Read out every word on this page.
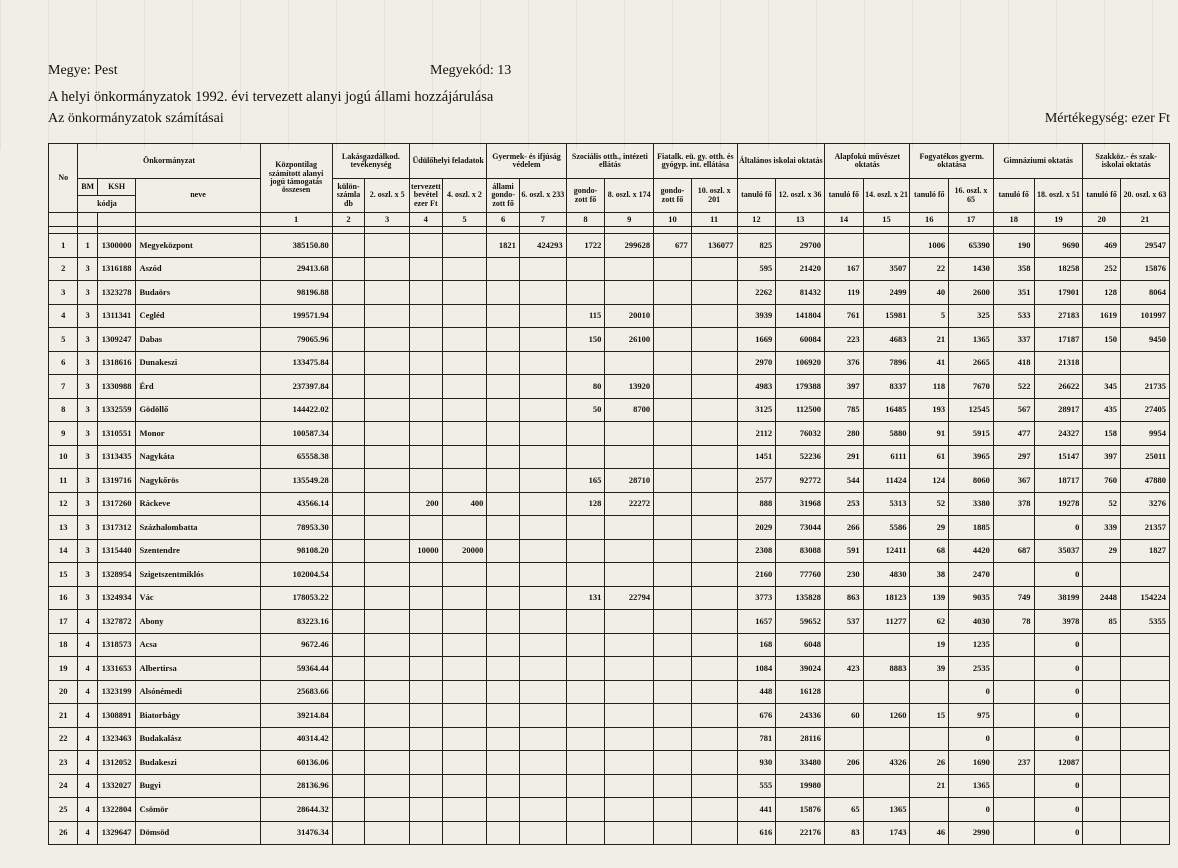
Megye: Pest	Megyekód: 13
A helyi önkormányzatok 1992. évi tervezett alanyi jogú állami hozzájárulása
Az önkormányzatok számításai	Mértékegység: ezer Ft
No	Önkormányzat			Központilag számított alanyi jogú támogatás összesen	Lakásgazdálkod. tevékenység		Üdülőhelyi feladatok		Gyermek- és ifjúság védelem		Szociális otth., intézeti ellátás		Fiatalk. eü. gy. otth. és gyógyp. int. ellátása		Általános iskolai oktatás		Alapfokú művészet oktatás		Fogyatékos gyerm. oktatása		Gimnáziumi oktatás		Szakköz.- és szak-iskolai oktatás	
	BM	KSH	neve		külön-számla db	2. oszl. x 5	tervezett bevétel ezer Ft	4. oszl. x 2	állami gondo-zott fő	6. oszl. x 233	gondo-zott fő	8. oszl. x 174	gondo-zott fő	10. oszl. x 201	tanuló fő	12. oszl. x 36	tanuló fő	14. oszl. x 21	tanuló fő	16. oszl. x 65	tanuló fő	18. oszl. x 51	tanuló fő	20. oszl. x 63
	kódja																							
				1	2	3	4	5	6	7	8	9	10	11	12	13	14	15	16	17	18	19	20	21

1	1	1300000	Megyeközpont	385150.80					1821	424293	1722	299628	677	136077	825	29700			1006	65390	190	9690	469	29547
2	3	1316188	Aszód	29413.68											595	21420	167	3507	22	1430	358	18258	252	15876
3	3	1323278	Budaörs	98196.88											2262	81432	119	2499	40	2600	351	17901	128	8064
4	3	1311341	Cegléd	199571.94							115	20010			3939	141804	761	15981	5	325	533	27183	1619	101997
5	3	1309247	Dabas	79065.96							150	26100			1669	60084	223	4683	21	1365	337	17187	150	9450
6	3	1318616	Dunakeszi	133475.84											2970	106920	376	7896	41	2665	418	21318		
7	3	1330988	Érd	237397.84							80	13920			4983	179388	397	8337	118	7670	522	26622	345	21735
8	3	1332559	Gödöllő	144422.02							50	8700			3125	112500	785	16485	193	12545	567	28917	435	27405
9	3	1310551	Monor	100587.34											2112	76032	280	5880	91	5915	477	24327	158	9954
10	3	1313435	Nagykáta	65558.38											1451	52236	291	6111	61	3965	297	15147	397	25011
11	3	1319716	Nagykőrös	135549.28							165	28710			2577	92772	544	11424	124	8060	367	18717	760	47880
12	3	1317260	Ráckeve	43566.14			200	400			128	22272			888	31968	253	5313	52	3380	378	19278	52	3276
13	3	1317312	Százhalombatta	78953.30											2029	73044	266	5586	29	1885		0	339	21357
14	3	1315440	Szentendre	98108.20			10000	20000							2308	83088	591	12411	68	4420	687	35037	29	1827
15	3	1328954	Szigetszentmiklós	102004.54											2160	77760	230	4830	38	2470		0		
16	3	1324934	Vác	178053.22							131	22794			3773	135828	863	18123	139	9035	749	38199	2448	154224
17	4	1327872	Abony	83223.16											1657	59652	537	11277	62	4030	78	3978	85	5355
18	4	1318573	Acsa	9672.46											168	6048			19	1235		0		
19	4	1331653	Albertirsa	59364.44											1084	39024	423	8883	39	2535		0		
20	4	1323199	Alsónémedi	25683.66											448	16128				0		0		
21	4	1308891	Biatorbágy	39214.84											676	24336	60	1260	15	975		0		
22	4	1323463	Budakalász	40314.42											781	28116				0		0		
23	4	1312052	Budakeszi	60136.06											930	33480	206	4326	26	1690	237	12087		
24	4	1332027	Bugyi	28136.96											555	19980			21	1365		0		
25	4	1322804	Csömör	28644.32											441	15876	65	1365		0		0		
26	4	1329647	Dömsöd	31476.34											616	22176	83	1743	46	2990		0		
